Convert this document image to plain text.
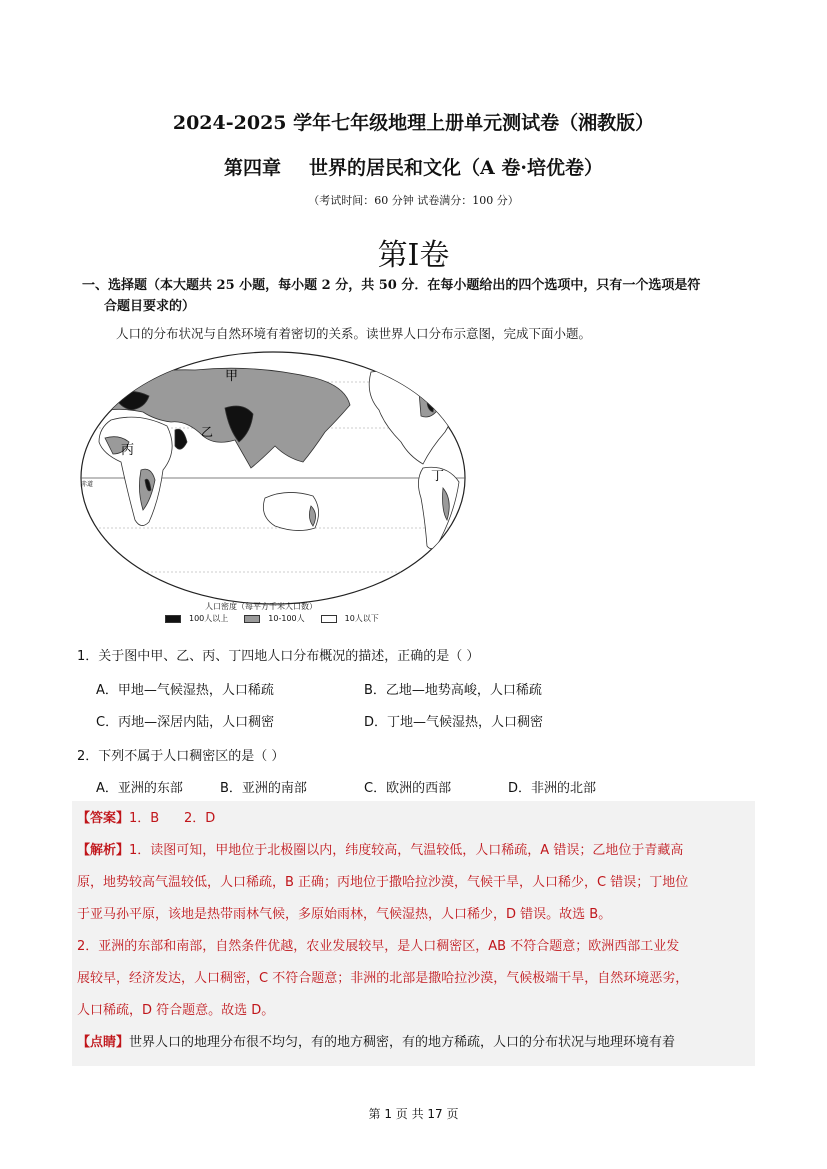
2024-2025 学年七年级地理上册单元测试卷（湘教版）
第四章 世界的居民和文化（A 卷·培优卷）
（考试时间：60 分钟 试卷满分：100 分）
第Ⅰ卷
一、选择题（本大题共 25 小题，每小题 2 分，共 50 分．在每小题给出的四个选项中，只有一个选项是符
合题目要求的）
人口的分布状况与自然环境有着密切的关系。读世界人口分布示意图，完成下面小题。
甲
乙
丙
丁
赤道
人口密度（每平方千米人口数）
100人以上	10-100人	10人以下
1．关于图中甲、乙、丙、丁四地人口分布概况的描述，正确的是（ ）
A．甲地—气候湿热，人口稀疏	B．乙地—地势高峻，人口稀疏
C．丙地—深居内陆，人口稠密	D．丁地—气候湿热，人口稠密
2．下列不属于人口稠密区的是（ ）
A．亚洲的东部	B．亚洲的南部	C．欧洲的西部	D．非洲的北部
【答案】1．B      2．D
【解析】1．读图可知，甲地位于北极圈以内，纬度较高，气温较低，人口稀疏，A 错误；乙地位于青藏高
原，地势较高气温较低，人口稀疏，B 正确；丙地位于撒哈拉沙漠，气候干旱，人口稀少，C 错误；丁地位
于亚马孙平原，该地是热带雨林气候，多原始雨林，气候湿热，人口稀少，D 错误。故选 B。
2．亚洲的东部和南部，自然条件优越，农业发展较早，是人口稠密区，AB 不符合题意；欧洲西部工业发
展较早，经济发达，人口稠密，C 不符合题意；非洲的北部是撒哈拉沙漠，气候极端干旱，自然环境恶劣，
人口稀疏，D 符合题意。故选 D。
【点睛】世界人口的地理分布很不均匀，有的地方稠密，有的地方稀疏，人口的分布状况与地理环境有着
第 1 页 共 17 页
